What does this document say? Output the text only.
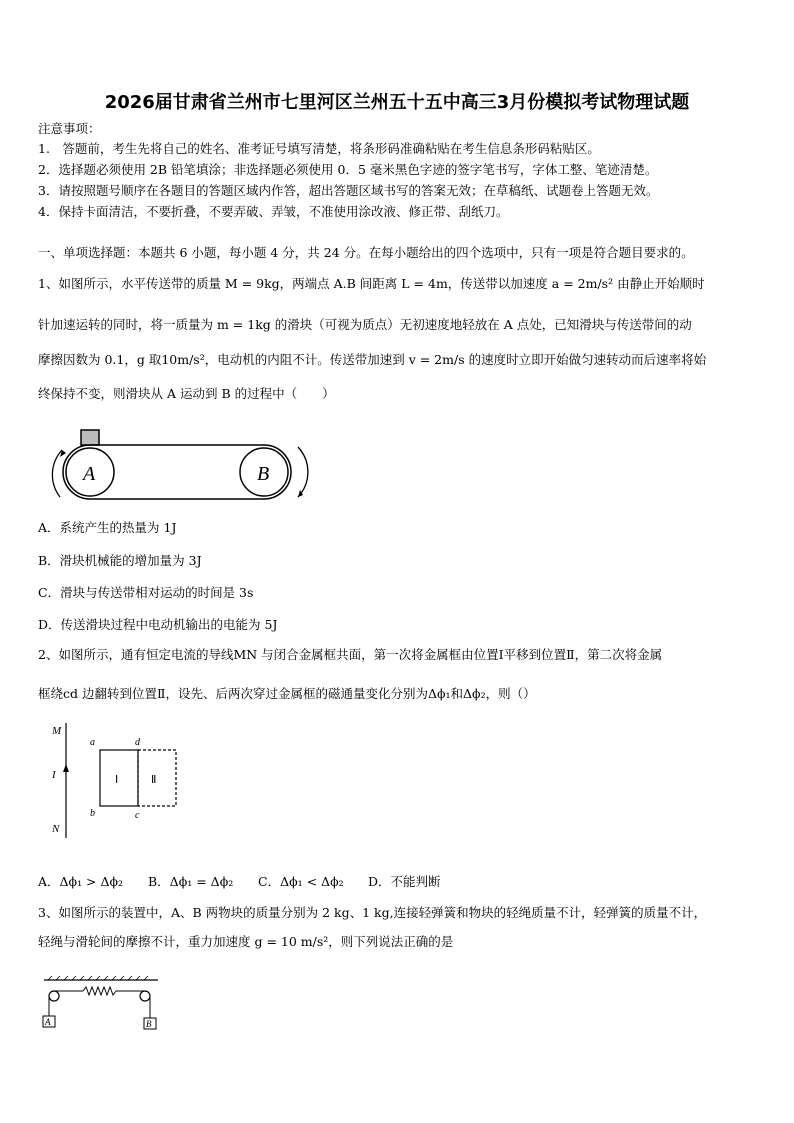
2026届甘肃省兰州市七里河区兰州五十五中高三3月份模拟考试物理试题
注意事项：
1.　答题前，考生先将自己的姓名、准考证号填写清楚，将条形码准确粘贴在考生信息条形码粘贴区。
2．选择题必须使用 2B 铅笔填涂；非选择题必须使用 0．5 毫米黑色字迹的签字笔书写，字体工整、笔迹清楚。
3．请按照题号顺序在各题目的答题区域内作答，超出答题区域书写的答案无效；在草稿纸、试题卷上答题无效。
4．保持卡面清洁，不要折叠，不要弄破、弄皱，不准使用涂改液、修正带、刮纸刀。
一、单项选择题：本题共 6 小题，每小题 4 分，共 24 分。在每小题给出的四个选项中，只有一项是符合题目要求的。
1、如图所示，水平传送带的质量 M = 9kg，两端点 A.B 间距离 L = 4m，传送带以加速度 a = 2m/s² 由静止开始顺时
针加速运转的同时，将一质量为 m = 1kg 的滑块（可视为质点）无初速度地轻放在 A 点处，已知滑块与传送带间的动
摩擦因数为 0.1，g 取10m/s²，电动机的内阻不计。传送带加速到 v = 2m/s 的速度时立即开始做匀速转动而后速率将始
终保持不变，则滑块从 A 运动到 B 的过程中（　　）
A	B
A．系统产生的热量为 1J
B．滑块机械能的增加量为 3J
C．滑块与传送带相对运动的时间是 3s
D．传送滑块过程中电动机输出的电能为 5J
2、如图所示，通有恒定电流的导线MN 与闭合金属框共面，第一次将金属框由位置Ⅰ平移到位置Ⅱ，第二次将金属
框绕cd 边翻转到位置Ⅱ，设先、后两次穿过金属框的磁通量变化分别为Δϕ₁和Δϕ₂，则（）
M
I
N
a	d
b	c
Ⅰ	Ⅱ
A．Δϕ₁ > Δϕ₂ B．Δϕ₁ = Δϕ₂ C．Δϕ₁ < Δϕ₂ D．不能判断
3、如图所示的装置中，A、B 两物块的质量分别为 2 kg、1 kg,连接轻弹簧和物块的轻绳质量不计，轻弹簧的质量不计，
轻绳与滑轮间的摩擦不计，重力加速度 g = 10 m/s²，则下列说法正确的是
A	B
